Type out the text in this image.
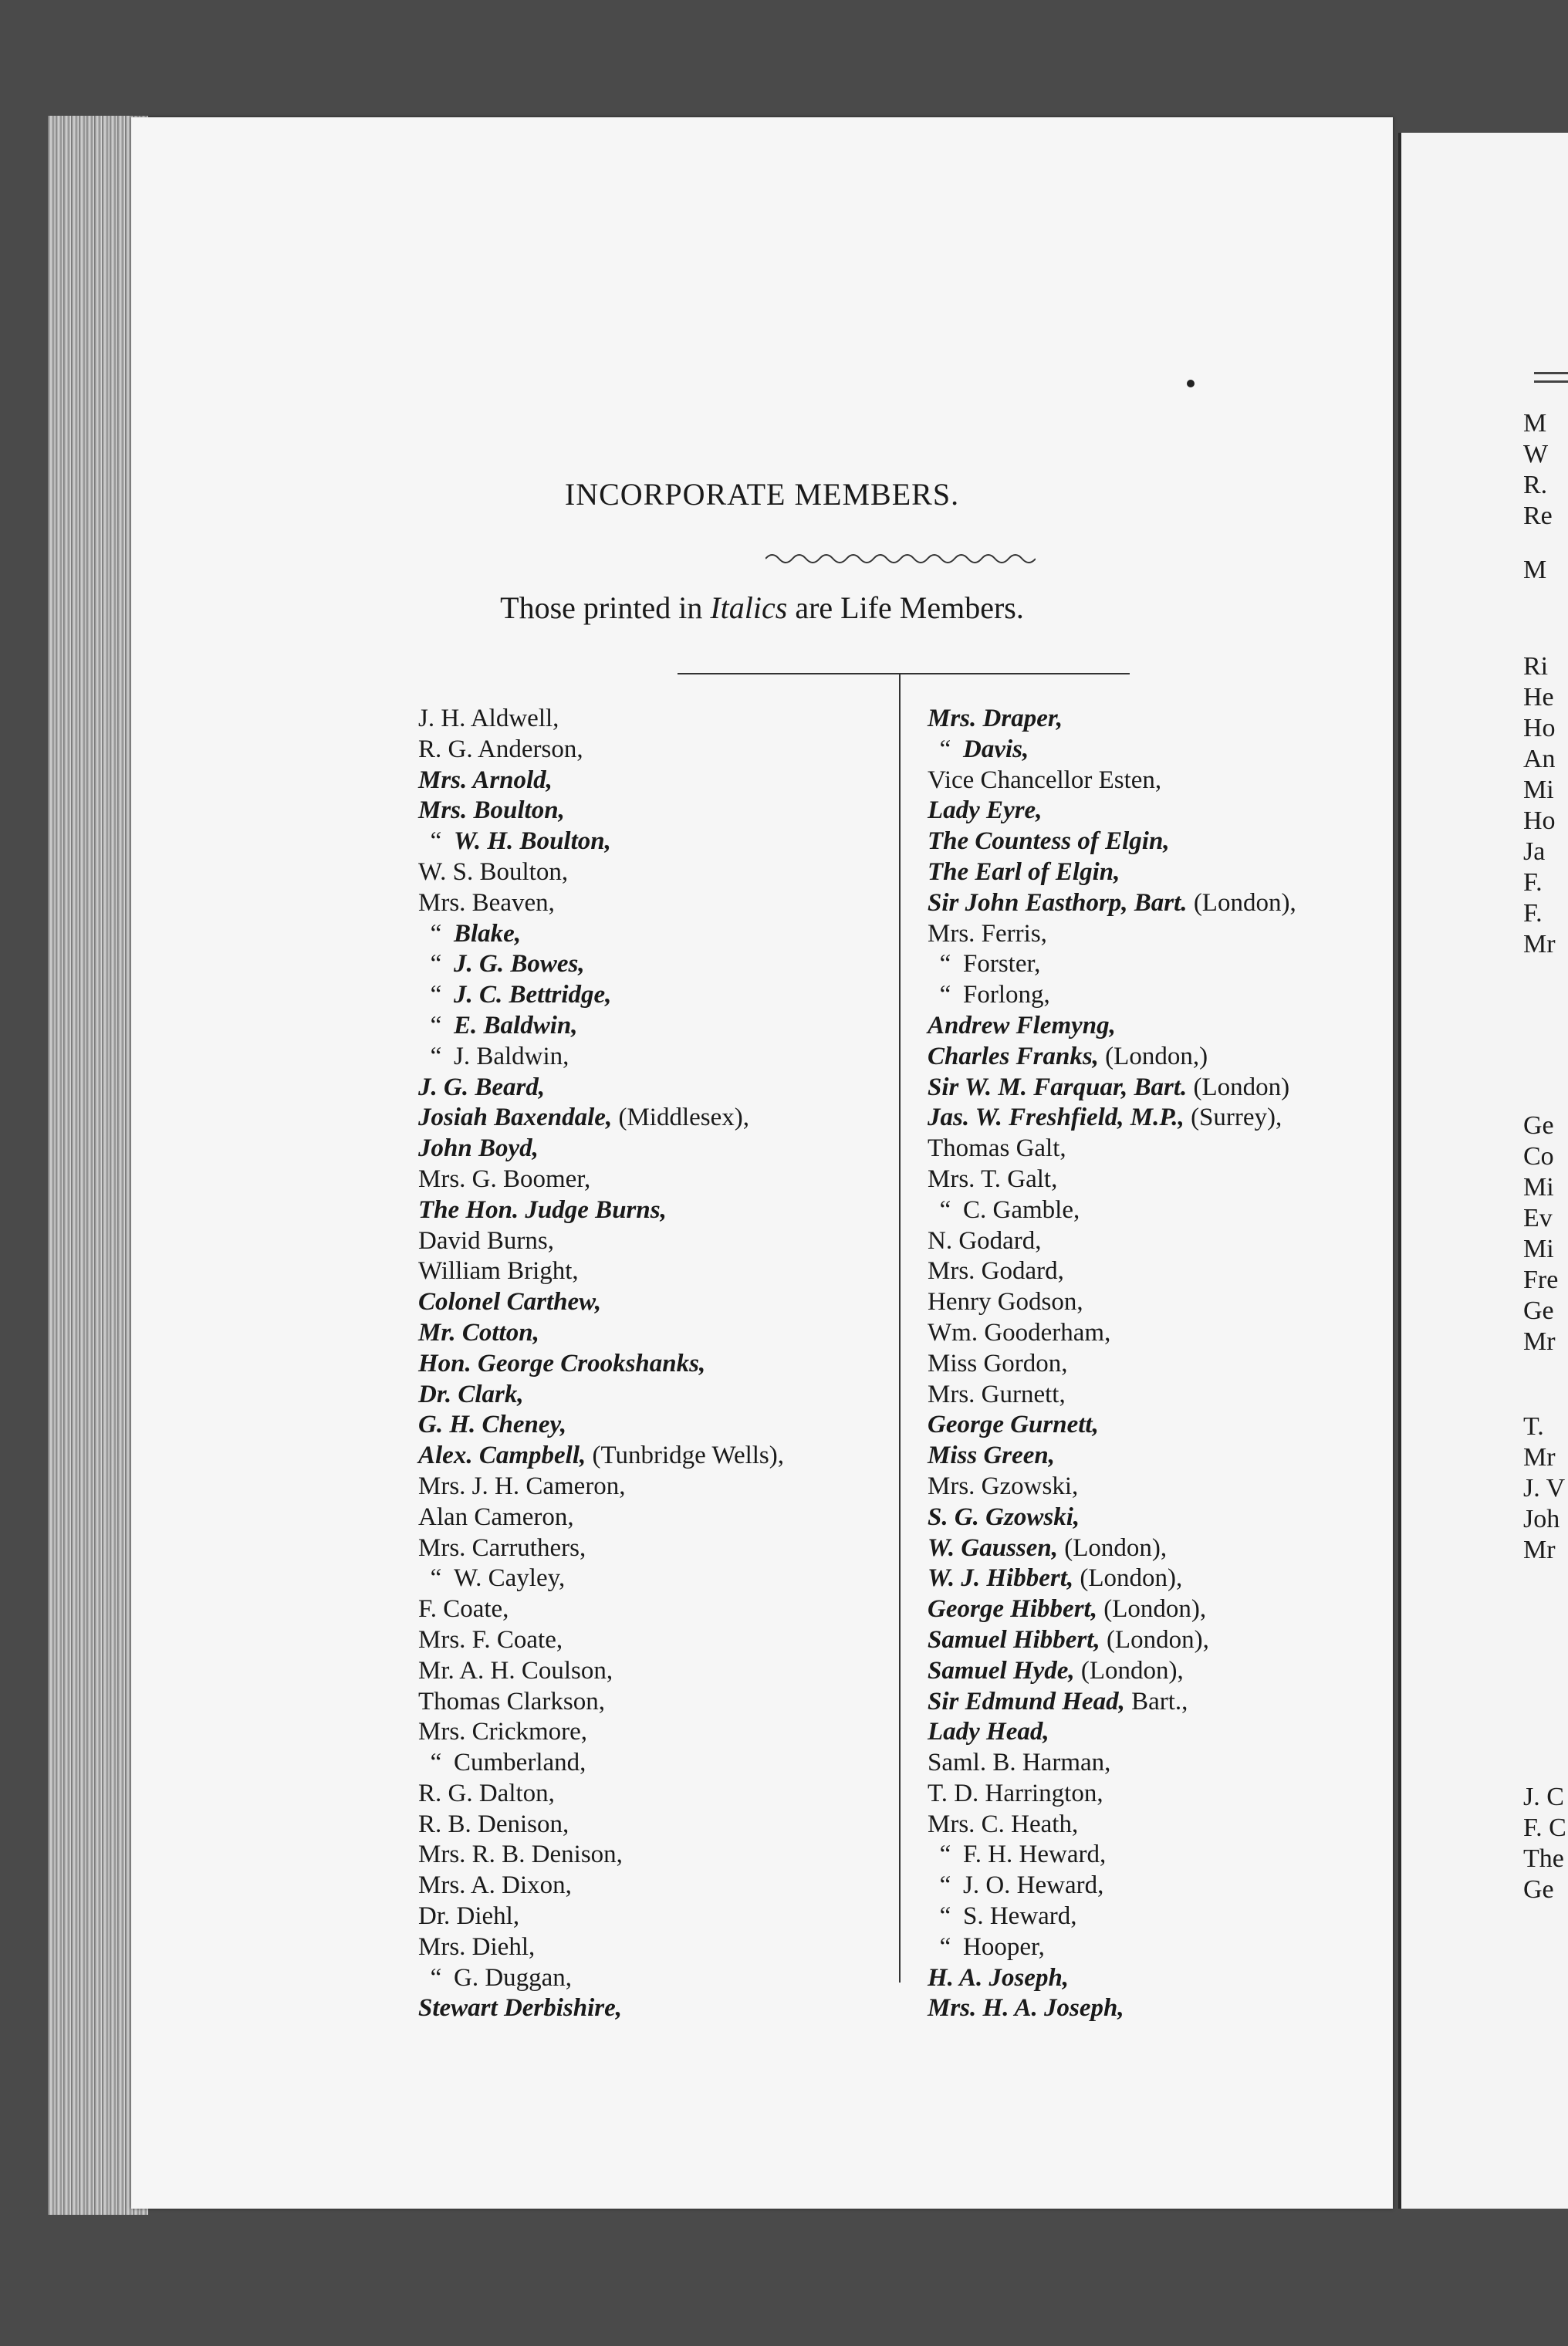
M
W
R.
Re
M
Ri
He
Ho
An
Mi
Ho
Ja
F.
F.
Mr
Ge
Co
Mi
Ev
Mi
Fre
Ge
Mr
T.
Mr
J. V
Joh
Mr
J. C
F. C
The
Ge
INCORPORATE MEMBERS.
Those printed in Italics are Life Members.
J. H. Aldwell,
R. G. Anderson,
Mrs. Arnold,
Mrs. Boulton,
“ W. H. Boulton,
W. S. Boulton,
Mrs. Beaven,
“ Blake,
“ J. G. Bowes,
“ J. C. Bettridge,
“ E. Baldwin,
“ J. Baldwin,
J. G. Beard,
Josiah Baxendale, (Middlesex),
John Boyd,
Mrs. G. Boomer,
The Hon. Judge Burns,
David Burns,
William Bright,
Colonel Carthew,
Mr. Cotton,
Hon. George Crookshanks,
Dr. Clark,
G. H. Cheney,
Alex. Campbell, (Tunbridge Wells),
Mrs. J. H. Cameron,
Alan Cameron,
Mrs. Carruthers,
“ W. Cayley,
F. Coate,
Mrs. F. Coate,
Mr. A. H. Coulson,
Thomas Clarkson,
Mrs. Crickmore,
“ Cumberland,
R. G. Dalton,
R. B. Denison,
Mrs. R. B. Denison,
Mrs. A. Dixon,
Dr. Diehl,
Mrs. Diehl,
“ G. Duggan,
Stewart Derbishire,
Mrs. Draper,
“ Davis,
Vice Chancellor Esten,
Lady Eyre,
The Countess of Elgin,
The Earl of Elgin,
Sir John Easthorp, Bart. (London),
Mrs. Ferris,
“ Forster,
“ Forlong,
Andrew Flemyng,
Charles Franks, (London,)
Sir W. M. Farquar, Bart. (London)
Jas. W. Freshfield, M.P., (Surrey),
Thomas Galt,
Mrs. T. Galt,
“ C. Gamble,
N. Godard,
Mrs. Godard,
Henry Godson,
Wm. Gooderham,
Miss Gordon,
Mrs. Gurnett,
George Gurnett,
Miss Green,
Mrs. Gzowski,
S. G. Gzowski,
W. Gaussen, (London),
W. J. Hibbert, (London),
George Hibbert, (London),
Samuel Hibbert, (London),
Samuel Hyde, (London),
Sir Edmund Head, Bart.,
Lady Head,
Saml. B. Harman,
T. D. Harrington,
Mrs. C. Heath,
“ F. H. Heward,
“ J. O. Heward,
“ S. Heward,
“ Hooper,
H. A. Joseph,
Mrs. H. A. Joseph,
